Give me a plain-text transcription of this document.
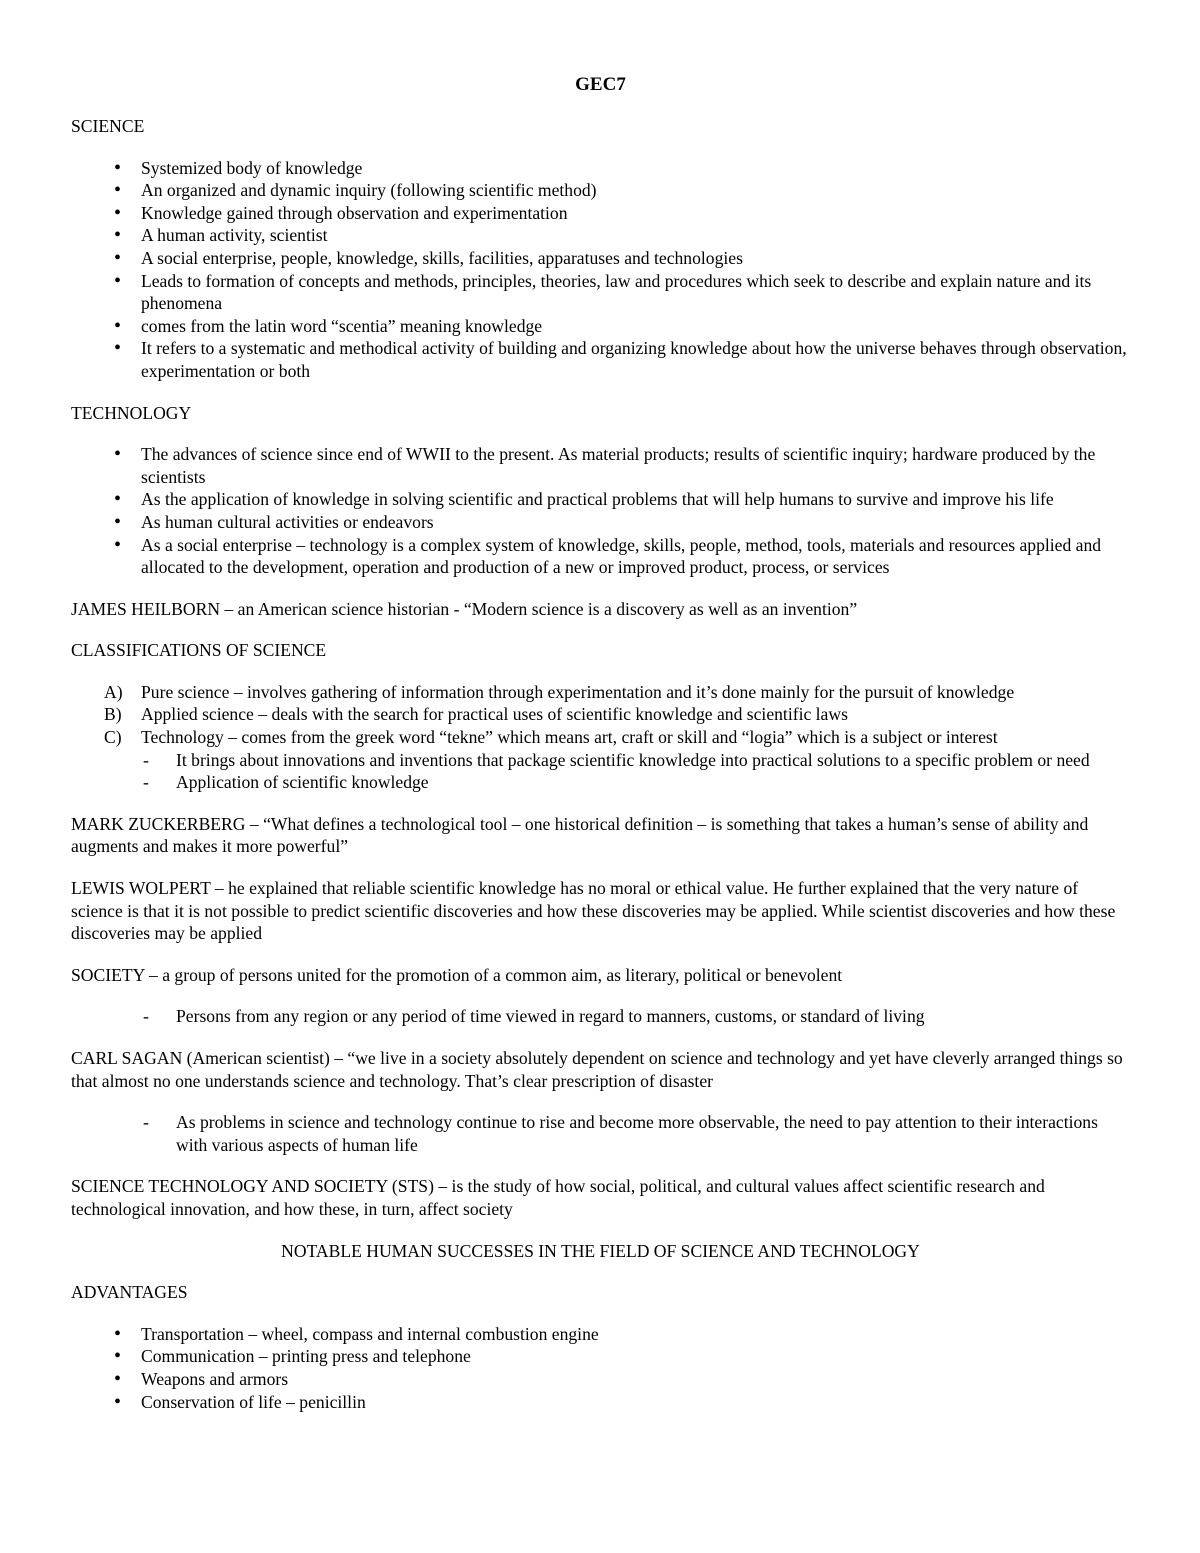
GEC7
SCIENCE
• Systemized body of knowledge
• An organized and dynamic inquiry (following scientific method)
• Knowledge gained through observation and experimentation
• A human activity, scientist
• A social enterprise, people, knowledge, skills, facilities, apparatuses and technologies
• Leads to formation of concepts and methods, principles, theories, law and procedures which seek to describe and explain nature and its phenomena
• comes from the latin word “scentia” meaning knowledge
• It refers to a systematic and methodical activity of building and organizing knowledge about how the universe behaves through observation, experimentation or both
TECHNOLOGY
• The advances of science since end of WWII to the present. As material products; results of scientific inquiry; hardware produced by the scientists
• As the application of knowledge in solving scientific and practical problems that will help humans to survive and improve his life
• As human cultural activities or endeavors
• As a social enterprise – technology is a complex system of knowledge, skills, people, method, tools, materials and resources applied and allocated to the development, operation and production of a new or improved product, process, or services
JAMES HEILBORN – an American science historian - “Modern science is a discovery as well as an invention”
CLASSIFICATIONS OF SCIENCE
A) Pure science – involves gathering of information through experimentation and it’s done mainly for the pursuit of knowledge
B) Applied science – deals with the search for practical uses of scientific knowledge and scientific laws
C) Technology – comes from the greek word “tekne” which means art, craft or skill and “logia” which is a subject or interest
- It brings about innovations and inventions that package scientific knowledge into practical solutions to a specific problem or need
- Application of scientific knowledge
MARK ZUCKERBERG – “What defines a technological tool – one historical definition – is something that takes a human’s sense of ability and augments and makes it more powerful”
LEWIS WOLPERT – he explained that reliable scientific knowledge has no moral or ethical value. He further explained that the very nature of science is that it is not possible to predict scientific discoveries and how these discoveries may be applied. While scientist discoveries and how these discoveries may be applied
SOCIETY – a group of persons united for the promotion of a common aim, as literary, political or benevolent
- Persons from any region or any period of time viewed in regard to manners, customs, or standard of living
CARL SAGAN (American scientist) – “we live in a society absolutely dependent on science and technology and yet have cleverly arranged things so that almost no one understands science and technology. That’s clear prescription of disaster
- As problems in science and technology continue to rise and become more observable, the need to pay attention to their interactions with various aspects of human life
SCIENCE TECHNOLOGY AND SOCIETY (STS) – is the study of how social, political, and cultural values affect scientific research and technological innovation, and how these, in turn, affect society
NOTABLE HUMAN SUCCESSES IN THE FIELD OF SCIENCE AND TECHNOLOGY
ADVANTAGES
• Transportation – wheel, compass and internal combustion engine
• Communication – printing press and telephone
• Weapons and armors
• Conservation of life – penicillin
